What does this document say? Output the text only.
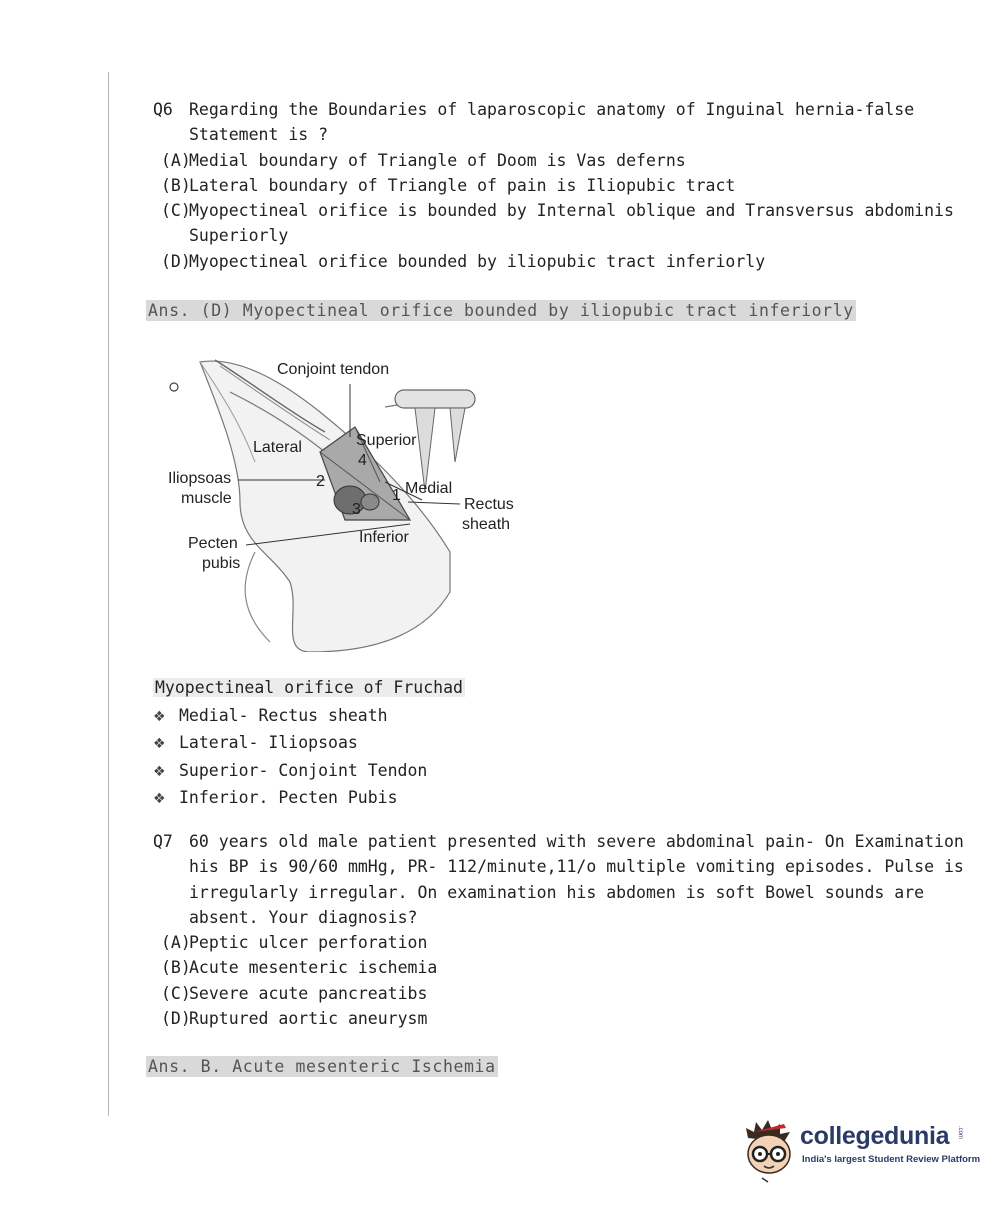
Q6 Regarding the Boundaries of laparoscopic anatomy of Inguinal hernia-false
Statement is ?
(A)
Medial boundary of Triangle of Doom is Vas deferns
(B)
Lateral boundary of Triangle of pain is Iliopubic tract
(C)
Myopectineal orifice is bounded by Internal oblique and Transversus abdominis
Superiorly
(D)
Myopectineal orifice bounded by iliopubic tract inferiorly
Ans. (D) Myopectineal orifice bounded by iliopubic tract inferiorly
Conjoint tendon
Superior
Lateral
Medial
Iliopsoas
muscle	Rectus
sheath
Pecten
pubis
Inferior
1
2
3
4
Myopectineal orifice of Fruchad
❖ Medial- Rectus sheath
❖ Lateral- Iliopsoas
❖ Superior- Conjoint Tendon
❖ Inferior. Pecten Pubis
Q7 60 years old male patient presented with severe abdominal pain- On Examination
his BP is 90/60 mmHg, PR- 112/minute,11/o multiple vomiting episodes. Pulse is
irregularly irregular. On examination his abdomen is soft Bowel sounds are
absent. Your diagnosis?
(A)
Peptic ulcer perforation
(B)
Acute mesenteric ischemia
(C)
Severe acute pancreatibs
(D)
Ruptured aortic aneurysm
Ans. B. Acute mesenteric Ischemia
collegedunia .com
India's largest Student Review Platform
